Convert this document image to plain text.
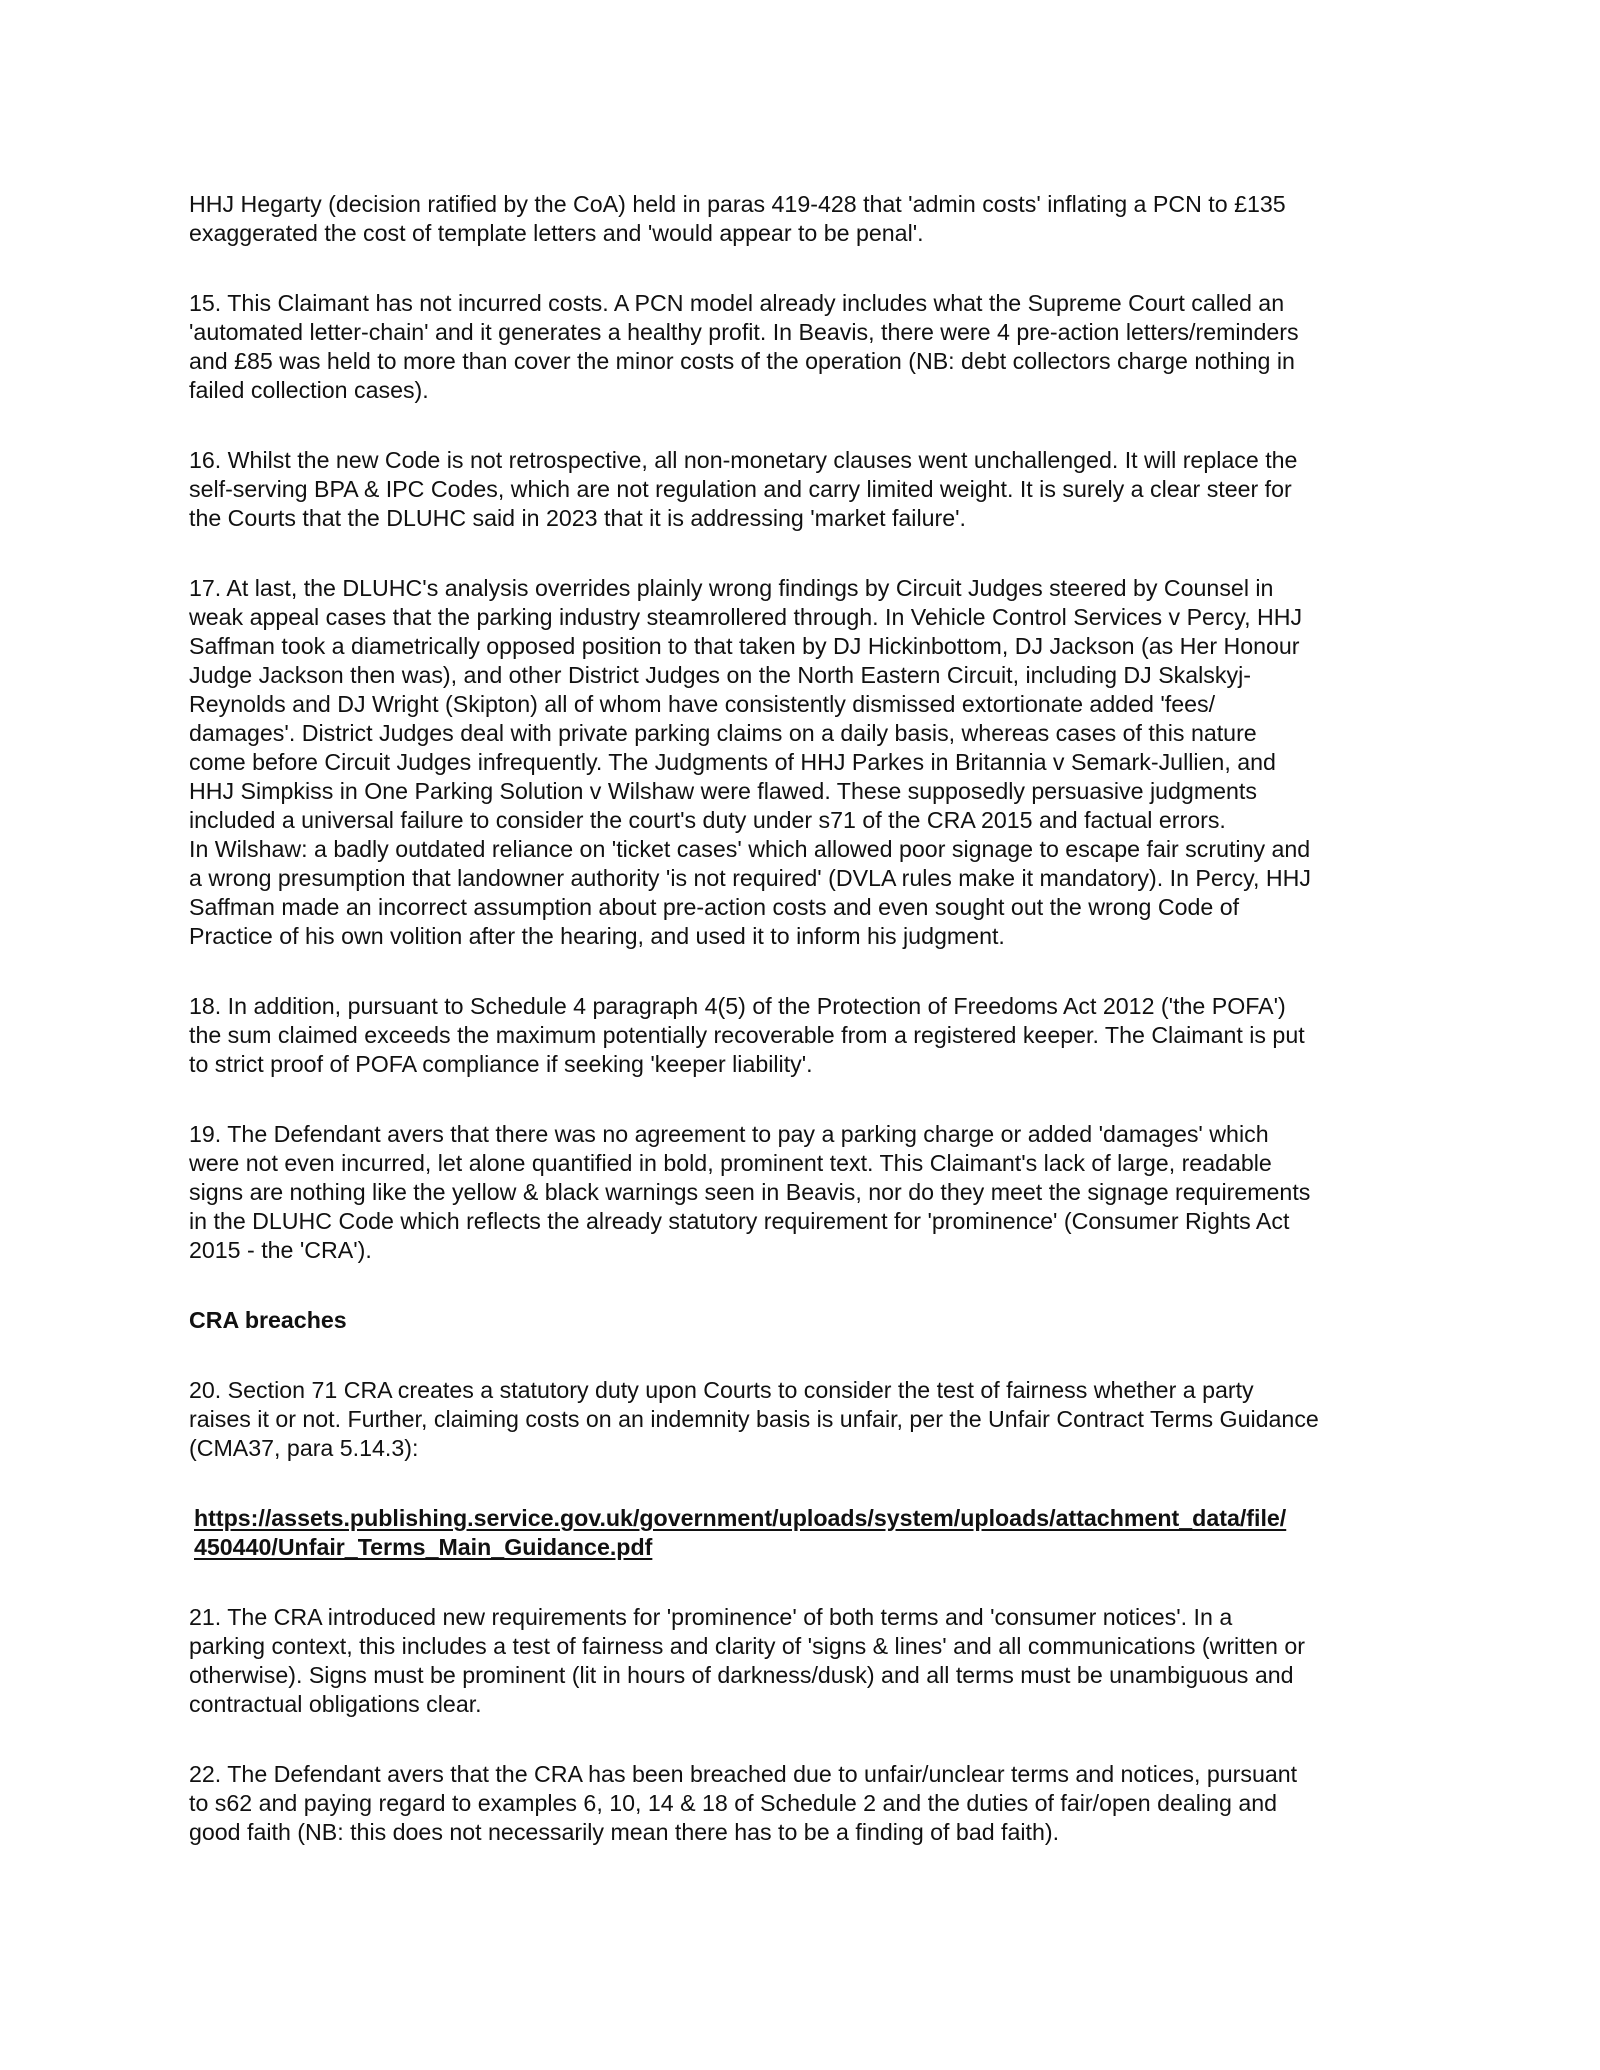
HHJ Hegarty (decision ratified by the CoA) held in paras 419-428 that 'admin costs' inflating a PCN to £135
exaggerated the cost of template letters and 'would appear to be penal'.

15. This Claimant has not incurred costs. A PCN model already includes what the Supreme Court called an
'automated letter-chain' and it generates a healthy profit. In Beavis, there were 4 pre-action letters/reminders
and £85 was held to more than cover the minor costs of the operation (NB: debt collectors charge nothing in
failed collection cases).

16. Whilst the new Code is not retrospective, all non-monetary clauses went unchallenged. It will replace the
self-serving BPA & IPC Codes, which are not regulation and carry limited weight. It is surely a clear steer for
the Courts that the DLUHC said in 2023 that it is addressing 'market failure'.

17. At last, the DLUHC's analysis overrides plainly wrong findings by Circuit Judges steered by Counsel in
weak appeal cases that the parking industry steamrollered through. In Vehicle Control Services v Percy, HHJ
Saffman took a diametrically opposed position to that taken by DJ Hickinbottom, DJ Jackson (as Her Honour
Judge Jackson then was), and other District Judges on the North Eastern Circuit, including DJ Skalskyj-
Reynolds and DJ Wright (Skipton) all of whom have consistently dismissed extortionate added 'fees/
damages'. District Judges deal with private parking claims on a daily basis, whereas cases of this nature
come before Circuit Judges infrequently. The Judgments of HHJ Parkes in Britannia v Semark-Jullien, and
HHJ Simpkiss in One Parking Solution v Wilshaw were flawed. These supposedly persuasive judgments
included a universal failure to consider the court's duty under s71 of the CRA 2015 and factual errors.
In Wilshaw: a badly outdated reliance on 'ticket cases' which allowed poor signage to escape fair scrutiny and
a wrong presumption that landowner authority 'is not required' (DVLA rules make it mandatory). In Percy, HHJ
Saffman made an incorrect assumption about pre-action costs and even sought out the wrong Code of
Practice of his own volition after the hearing, and used it to inform his judgment.

18. In addition, pursuant to Schedule 4 paragraph 4(5) of the Protection of Freedoms Act 2012 ('the POFA')
the sum claimed exceeds the maximum potentially recoverable from a registered keeper. The Claimant is put
to strict proof of POFA compliance if seeking 'keeper liability'.

19. The Defendant avers that there was no agreement to pay a parking charge or added 'damages' which
were not even incurred, let alone quantified in bold, prominent text. This Claimant's lack of large, readable
signs are nothing like the yellow & black warnings seen in Beavis, nor do they meet the signage requirements
in the DLUHC Code which reflects the already statutory requirement for 'prominence' (Consumer Rights Act
2015 - the 'CRA').

CRA breaches

20. Section 71 CRA creates a statutory duty upon Courts to consider the test of fairness whether a party
raises it or not. Further, claiming costs on an indemnity basis is unfair, per the Unfair Contract Terms Guidance
(CMA37, para 5.14.3):

https://assets.publishing.service.gov.uk/government/uploads/system/uploads/attachment_data/file/
450440/Unfair_Terms_Main_Guidance.pdf

21. The CRA introduced new requirements for 'prominence' of both terms and 'consumer notices'. In a
parking context, this includes a test of fairness and clarity of 'signs & lines' and all communications (written or
otherwise). Signs must be prominent (lit in hours of darkness/dusk) and all terms must be unambiguous and
contractual obligations clear.

22. The Defendant avers that the CRA has been breached due to unfair/unclear terms and notices, pursuant
to s62 and paying regard to examples 6, 10, 14 & 18 of Schedule 2 and the duties of fair/open dealing and
good faith (NB: this does not necessarily mean there has to be a finding of bad faith).
